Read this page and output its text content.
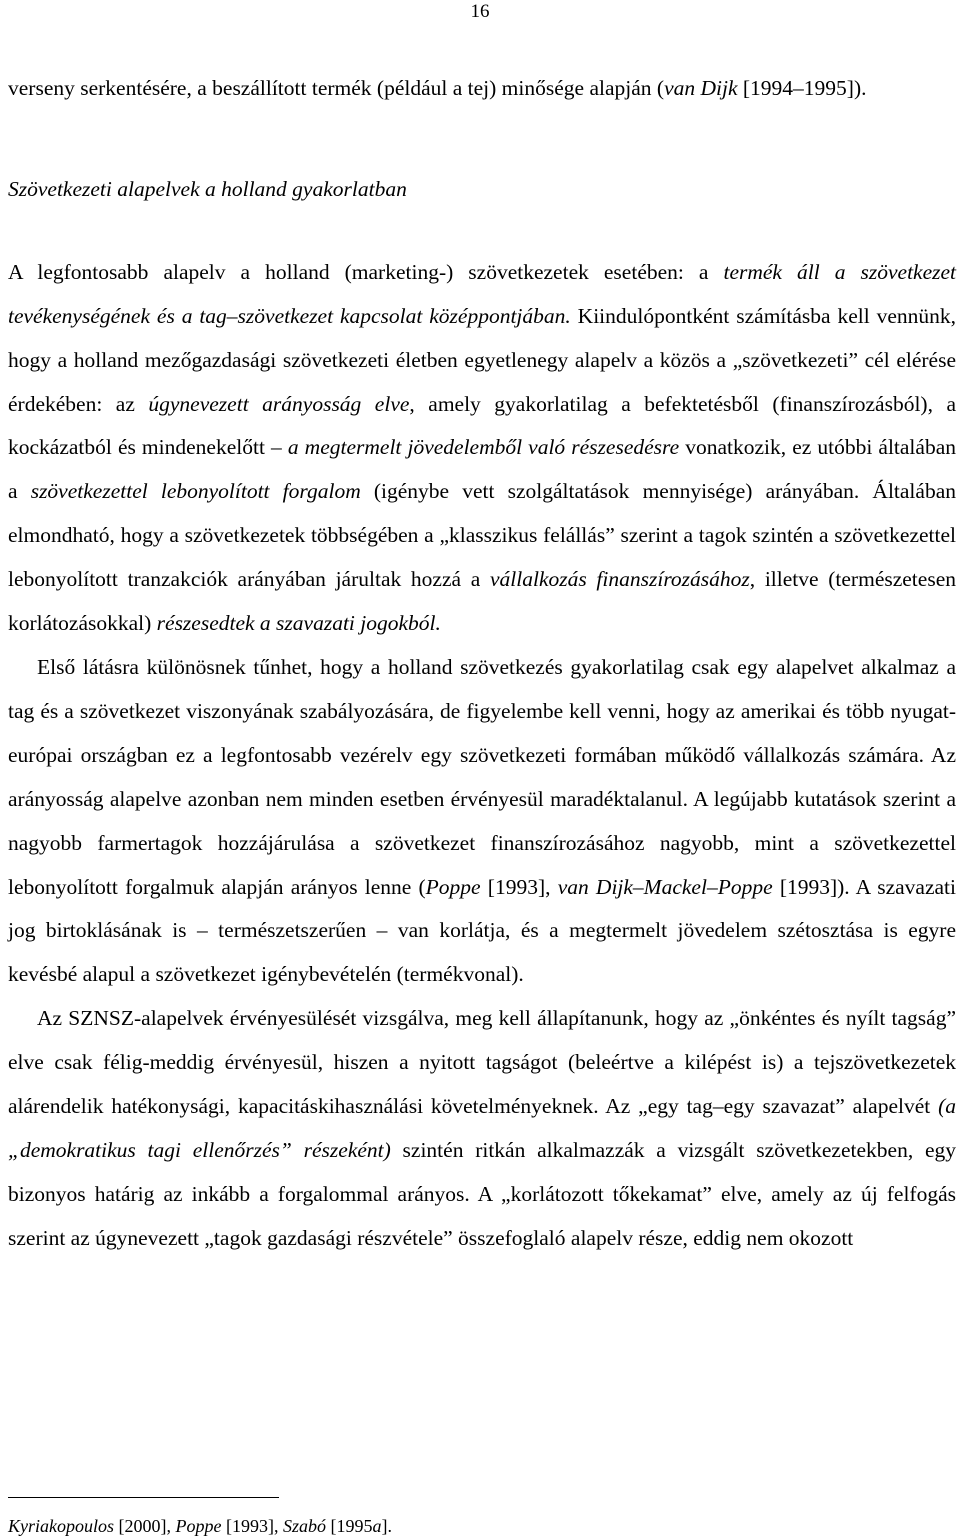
16

verseny serkentésére, a beszállított termék (például a tej) minősége alapján (van Dijk [1994–1995]).

Szövetkezeti alapelvek a holland gyakorlatban

A legfontosabb alapelv a holland (marketing-) szövetkezetek esetében: a termék áll a szövetkezet tevékenységének és a tag–szövetkezet kapcsolat középpontjában. Kiindulópontként számításba kell vennünk, hogy a holland mezőgazdasági szövetkezeti életben egyetlenegy alapelv a közös a „szövetkezeti” cél elérése érdekében: az úgynevezett arányosság elve, amely gyakorlatilag a befektetésből (finanszírozásból), a kockázatból és mindenekelőtt – a megtermelt jövedelemből való részesedésre vonatkozik, ez utóbbi általában a szövetkezettel lebonyolított forgalom (igénybe vett szolgáltatások mennyisége) arányában. Általában elmondható, hogy a szövetkezetek többségében a „klasszikus felállás” szerint a tagok szintén a szövetkezettel lebonyolított tranzakciók arányában járultak hozzá a vállalkozás finanszírozásához, illetve (természetesen korlátozásokkal) részesedtek a szavazati jogokból.

Első látásra különösnek tűnhet, hogy a holland szövetkezés gyakorlatilag csak egy alapelvet alkalmaz a tag és a szövetkezet viszonyának szabályozására, de figyelembe kell venni, hogy az amerikai és több nyugat-európai országban ez a legfontosabb vezérelv egy szövetkezeti formában működő vállalkozás számára. Az arányosság alapelve azonban nem minden esetben érvényesül maradéktalanul. A legújabb kutatások szerint a nagyobb farmertagok hozzájárulása a szövetkezet finanszírozásához nagyobb, mint a szövetkezettel lebonyolított forgalmuk alapján arányos lenne (Poppe [1993], van Dijk–Mackel–Poppe [1993]). A szavazati jog birtoklásának is – természetszerűen – van korlátja, és a megtermelt jövedelem szétosztása is egyre kevésbé alapul a szövetkezet igénybevételén (termékvonal).

Az SZNSZ-alapelvek érvényesülését vizsgálva, meg kell állapítanunk, hogy az „önkéntes és nyílt tagság” elve csak félig-meddig érvényesül, hiszen a nyitott tagságot (beleértve a kilépést is) a tejszövetkezetek alárendelik hatékonysági, kapacitáskihasználási követelményeknek. Az „egy tag–egy szavazat” alapelvét (a „demokratikus tagi ellenőrzés” részeként) szintén ritkán alkalmazzák a vizsgált szövetkezetekben, egy bizonyos határig az inkább a forgalommal arányos. A „korlátozott tőkekamat” elve, amely az új felfogás szerint az úgynevezett „tagok gazdasági részvétele” összefoglaló alapelv része, eddig nem okozott

Kyriakopoulos [2000], Poppe [1993], Szabó [1995a].
